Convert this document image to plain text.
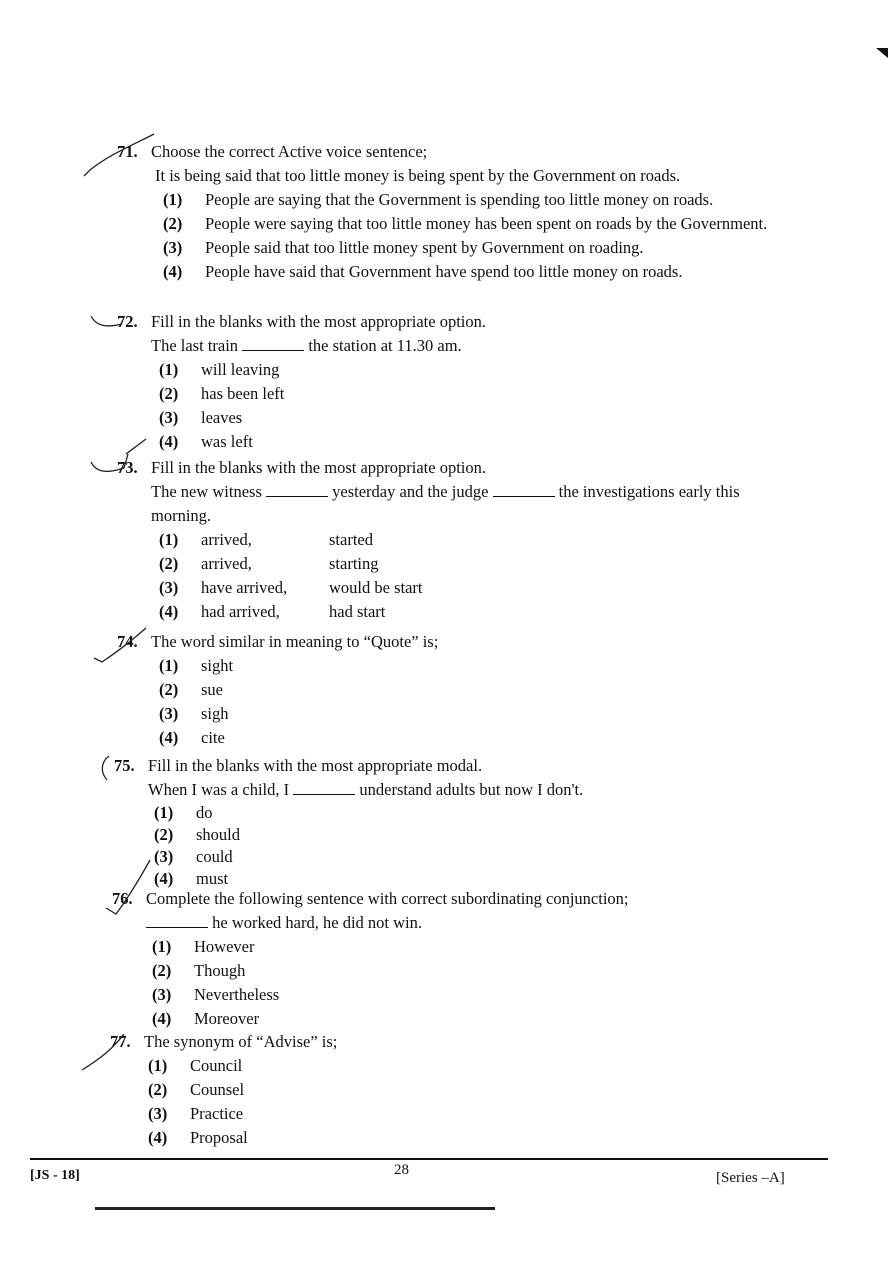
71. Choose the correct Active voice sentence;
It is being said that too little money is being spent by the Government on roads.
(1) People are saying that the Government is spending too little money on roads.
(2) People were saying that too little money has been spent on roads by the Government.
(3) People said that too little money spent by Government on roading.
(4) People have said that Government have spend too little money on roads.
72. Fill in the blanks with the most appropriate option.
The last train	the station at 11.30 am.
(1) will leaving
(2) has been left
(3) leaves
(4) was left
73. Fill in the blanks with the most appropriate option.
The new witness	yesterday and the judge	the investigations early this
morning.
(1) arrived,	started
(2) arrived,	starting
(3) have arrived,	would be start
(4) had arrived,	had start
74. The word similar in meaning to “Quote” is;
(1) sight
(2) sue
(3) sigh
(4) cite
75. Fill in the blanks with the most appropriate modal.
When I was a child, I	understand adults but now I don't.
(1) do
(2) should
(3) could
(4) must
76. Complete the following sentence with correct subordinating conjunction;
he worked hard, he did not win.
(1) However
(2) Though
(3) Nevertheless
(4) Moreover
77. The synonym of “Advise” is;
(1) Council
(2) Counsel
(3) Practice
(4) Proposal
[JS - 18]	28	[Series –A]
